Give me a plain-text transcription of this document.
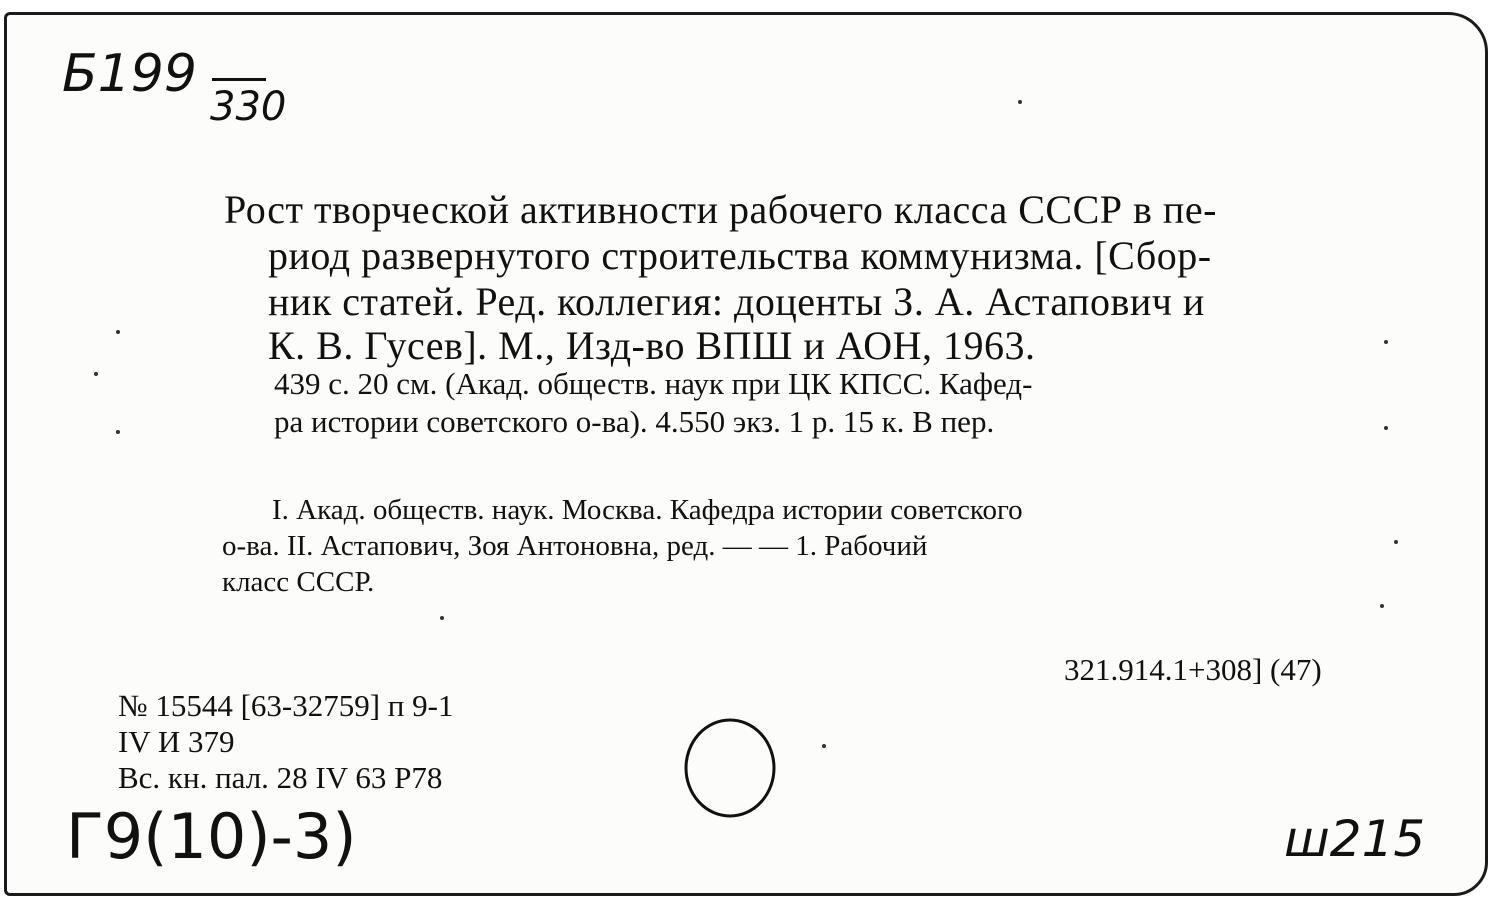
Б199
330
Рост творческой активности рабочего класса СССР в пе-
риод развернутого строительства коммунизма. [Сбор-
ник статей. Ред. коллегия: доценты З. А. Астапович и
К. В. Гусев]. М., Изд-во ВПШ и АОН, 1963.
439 с. 20 см. (Акад. обществ. наук при ЦК КПСС. Кафед-
ра истории советского о-ва). 4.550 экз. 1 р. 15 к. В пер.
I. Акад. обществ. наук. Москва. Кафедра истории советского
о-ва. II. Астапович, Зоя Антоновна, ред. — — 1. Рабочий
класс СССР.
321.914.1+308] (47)
№ 15544 [63-32759] п 9-1
IV И 379
Вс. кн. пал. 28 IV 63 Р78
Г9(10)-3)	ш215
